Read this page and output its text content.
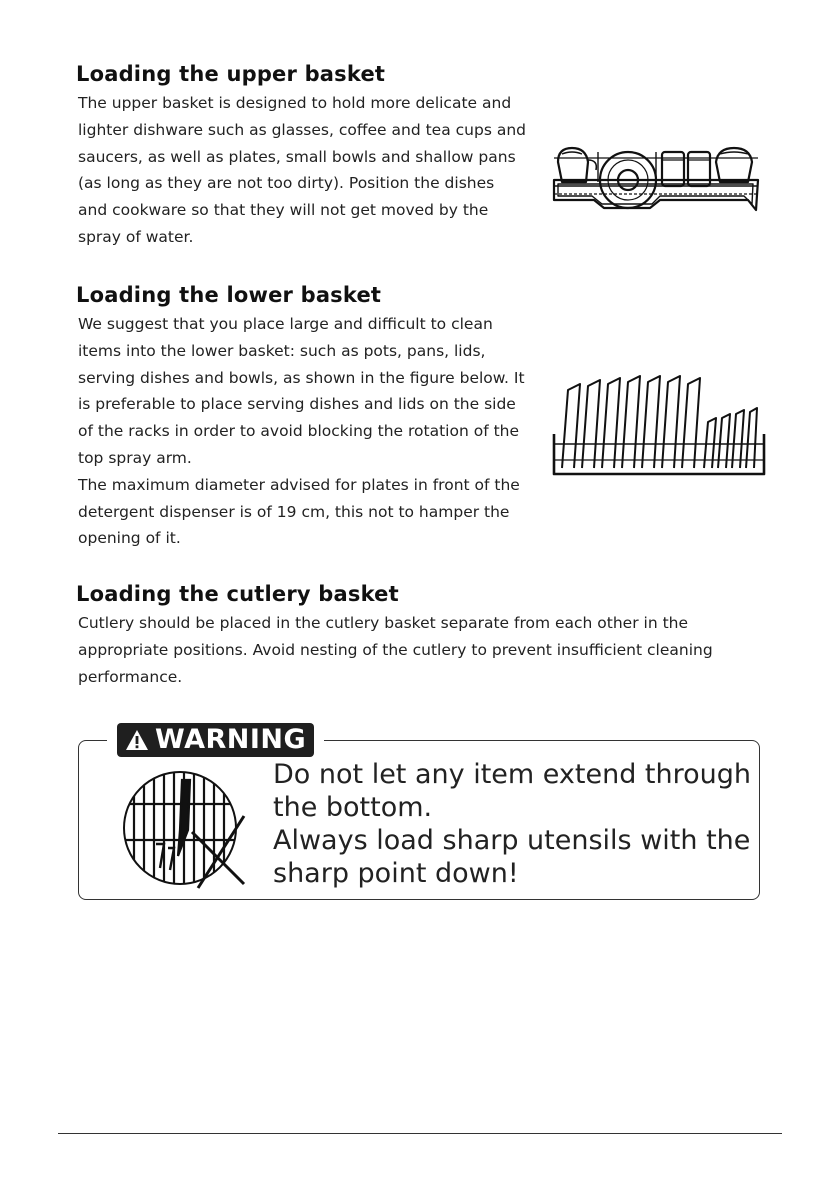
Loading the upper basket

The upper basket is designed to hold more delicate and
lighter dishware such as glasses, coffee and tea cups and
saucers, as well as plates, small bowls and shallow pans
(as long as they are not too dirty). Position the dishes
and cookware so that they will not get moved by the
spray of water.

Loading the lower basket

We suggest that you place large and difficult to clean
items into the lower basket: such as pots, pans, lids,
serving dishes and bowls, as shown in the figure below. It
is preferable to place serving dishes and lids on the side
of the racks in order to avoid blocking the rotation of the
top spray arm.
The maximum diameter advised for plates in front of the
detergent dispenser is of 19 cm, this not to hamper the
opening of it.

Loading the cutlery basket

Cutlery should be placed in the cutlery basket separate from each other in the
appropriate positions. Avoid nesting of the cutlery to prevent insufficient cleaning
performance.

WARNING
Do not let any item extend through
the bottom.
Always load sharp utensils with the
sharp point down!
